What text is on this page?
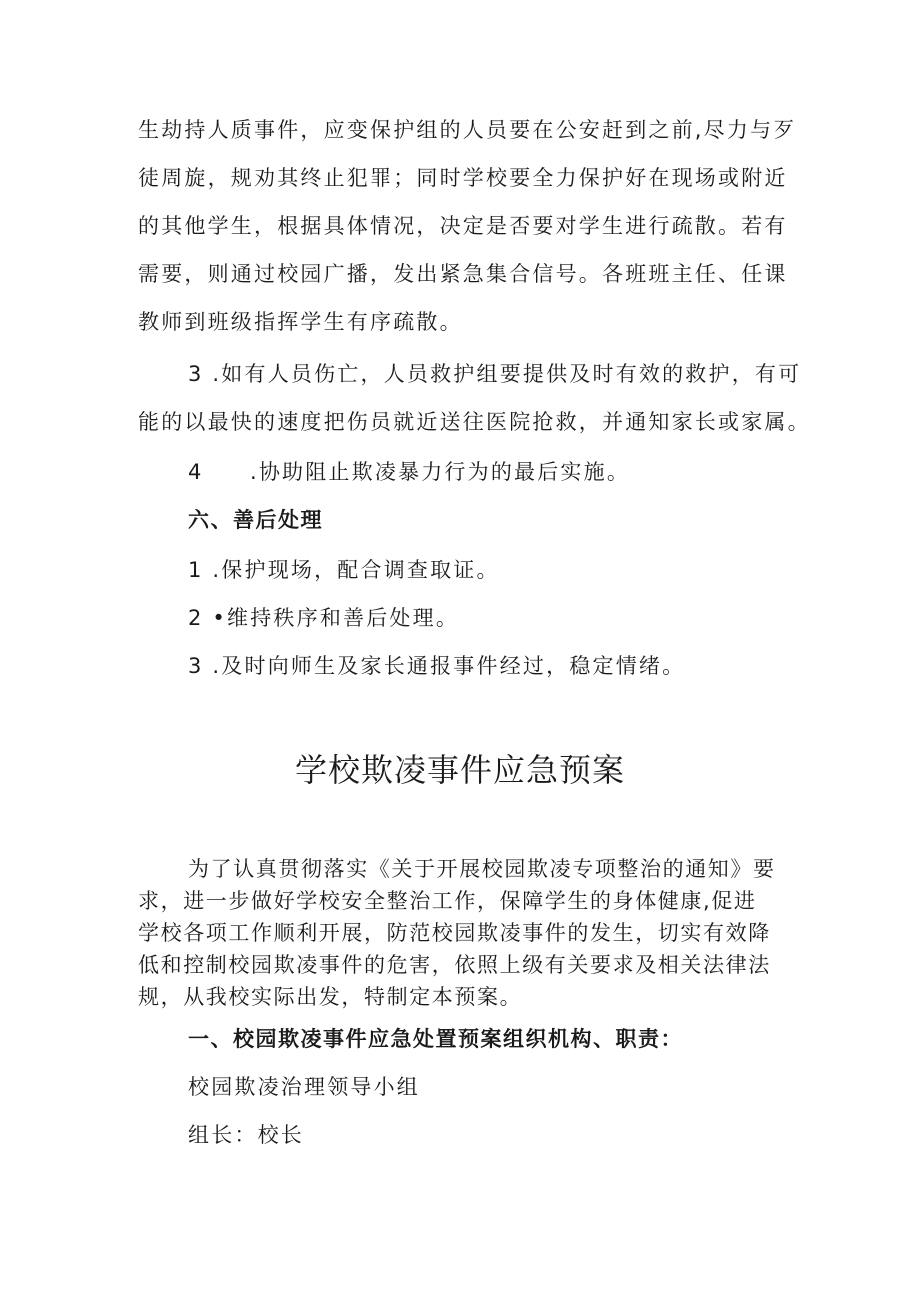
生劫持人质事件，应变保护组的人员要在公安赶到之前,尽力与歹
徒周旋，规劝其终止犯罪；同时学校要全力保护好在现场或附近
的其他学生，根据具体情况，决定是否要对学生进行疏散。若有
需要，则通过校园广播，发出紧急集合信号。各班班主任、任课
教师到班级指挥学生有序疏散。
3 .如有人员伤亡，人员救护组要提供及时有效的救护，有可
能的以最快的速度把伤员就近送往医院抢救，并通知家长或家属。
4　　.协助阻止欺凌暴力行为的最后实施。
六、善后处理
1 .保护现场，配合调查取证。
2 •维持秩序和善后处理。
3 .及时向师生及家长通报事件经过，稳定情绪。
学校欺凌事件应急预案
为了认真贯彻落实《关于开展校园欺凌专项整治的通知》要
求，进一步做好学校安全整治工作，保障学生的身体健康,促进
学校各项工作顺利开展，防范校园欺凌事件的发生，切实有效降
低和控制校园欺凌事件的危害，依照上级有关要求及相关法律法
规，从我校实际出发，特制定本预案。
一、校园欺凌事件应急处置预案组织机构、职责：
校园欺凌治理领导小组
组长：校长
